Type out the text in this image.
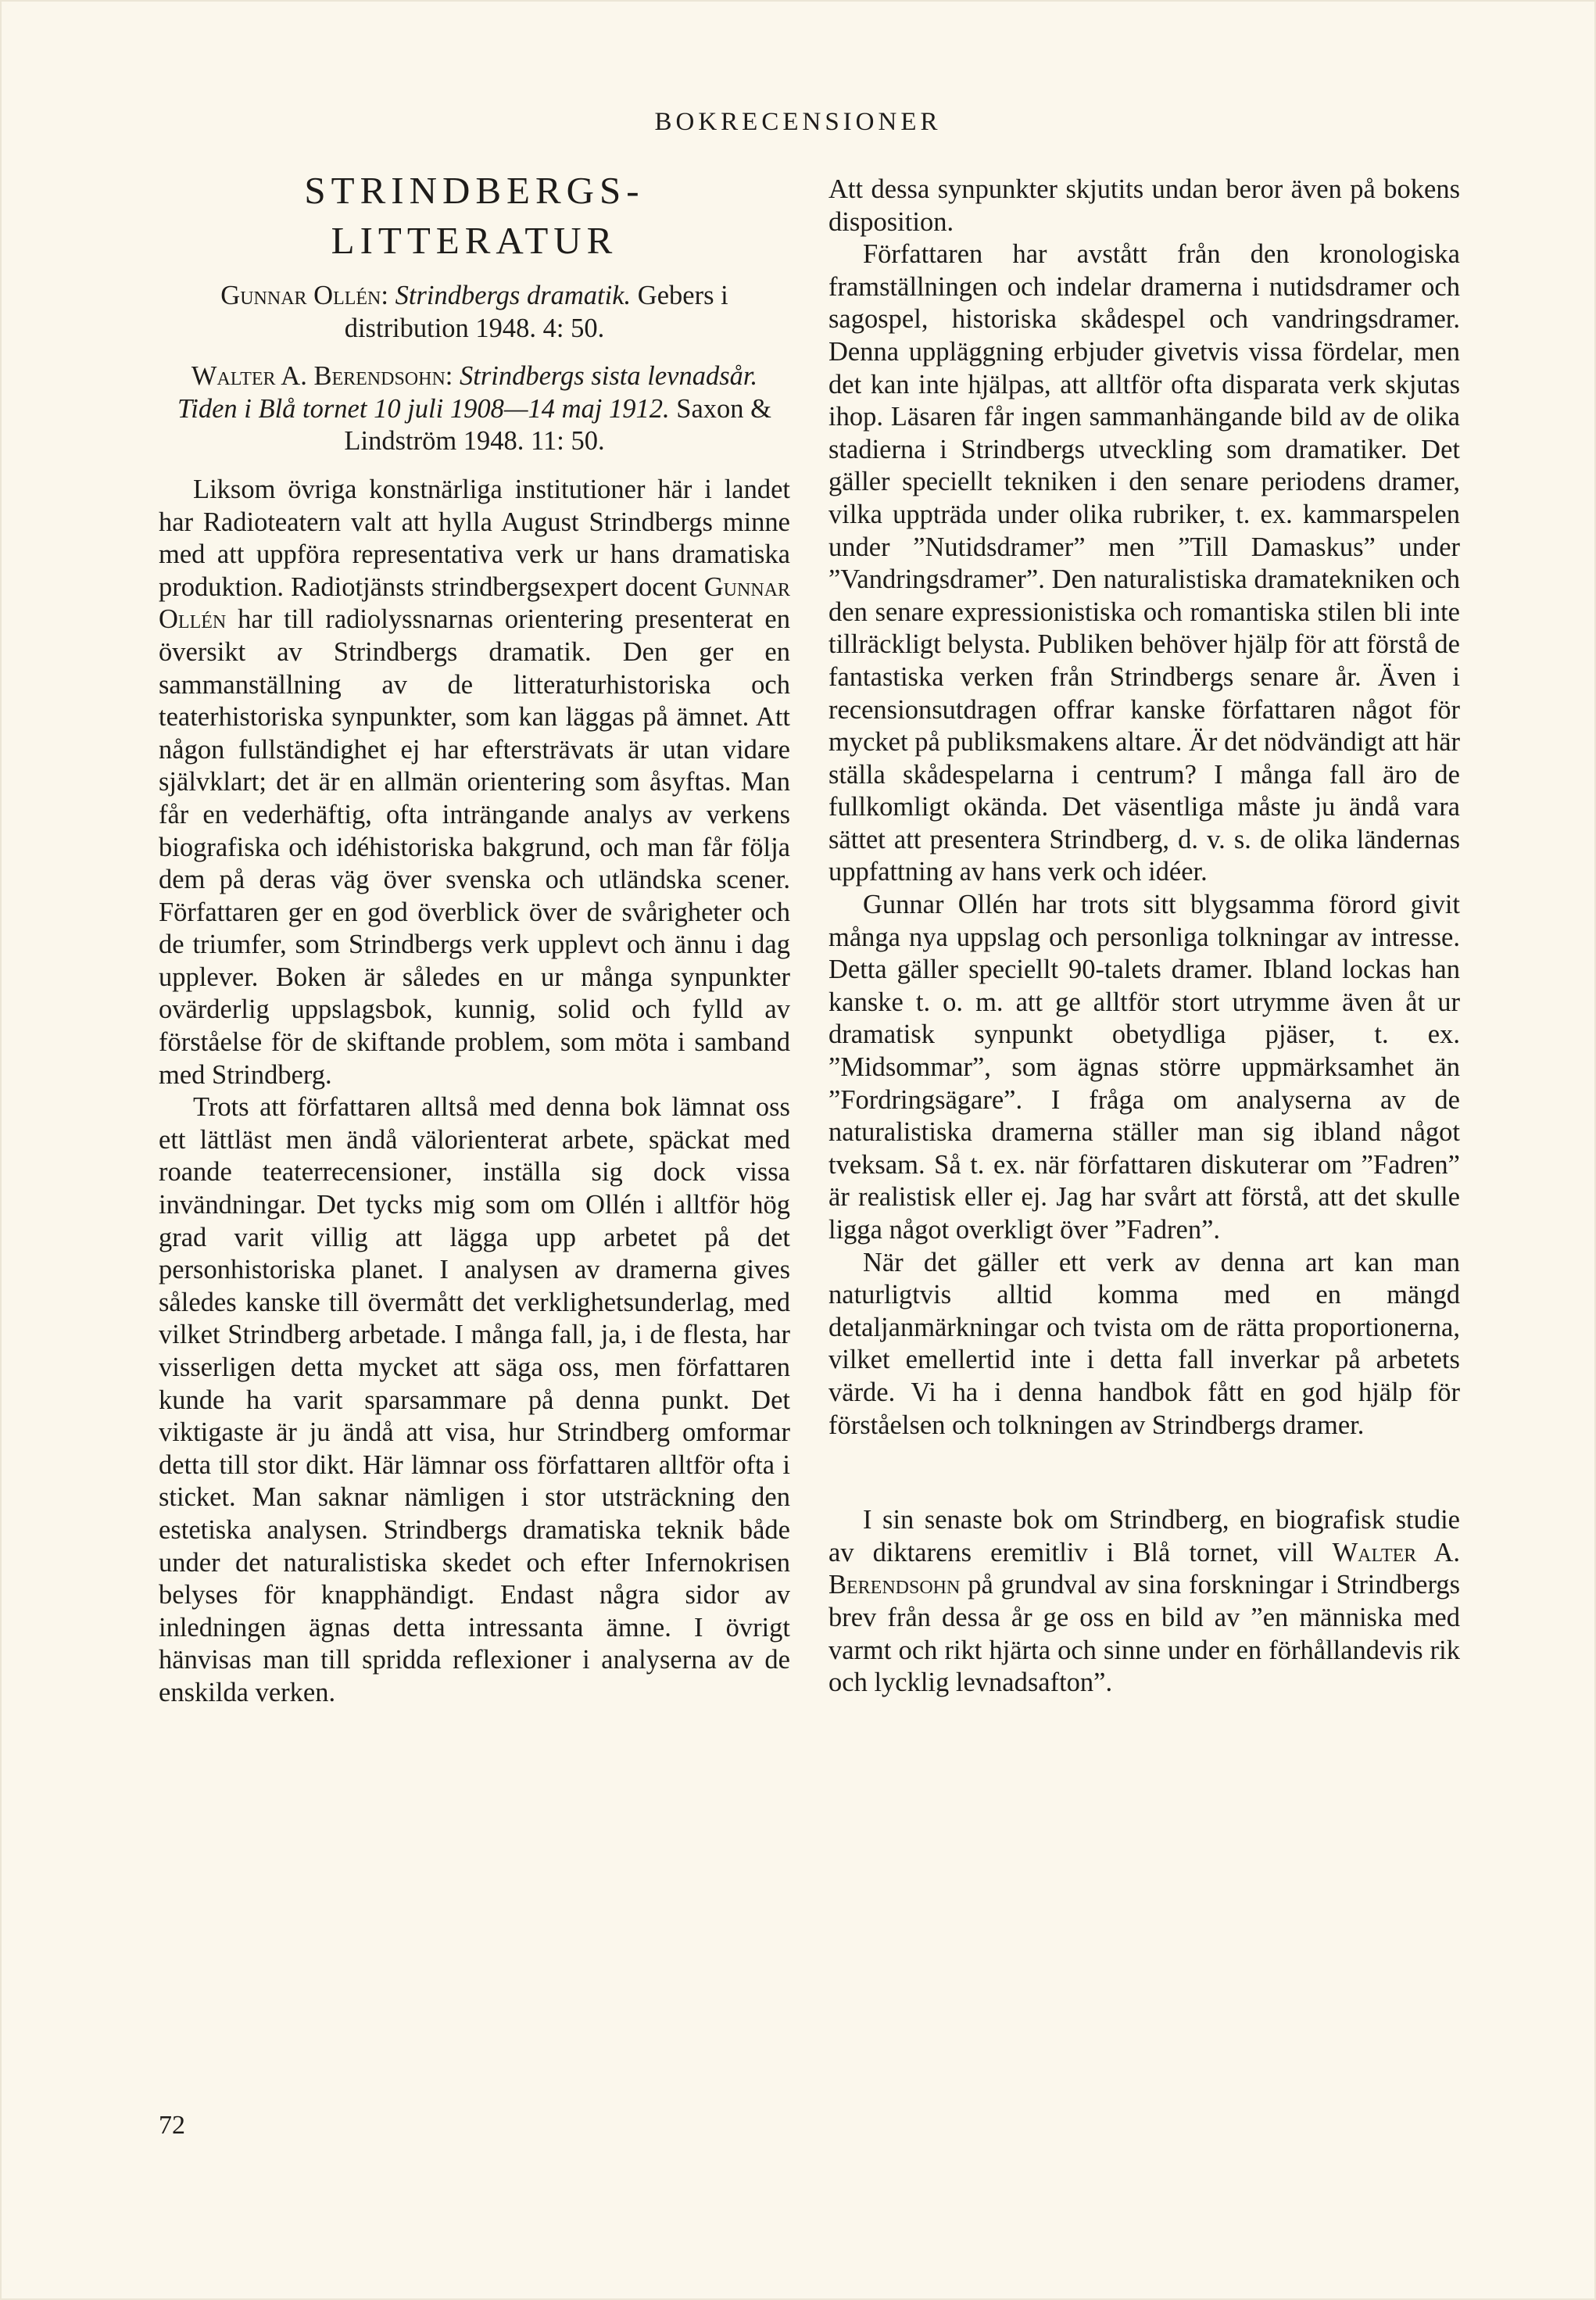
BOKRECENSIONER
STRINDBERGS-
LITTERATUR
Gunnar Ollén: Strindbergs dramatik. Gebers i distribution 1948. 4: 50.
Walter A. Berendsohn: Strindbergs sista levnadsår. Tiden i Blå tornet 10 juli 1908—14 maj 1912. Saxon & Lindström 1948. 11: 50.

Liksom övriga konstnärliga institutioner här i landet har Radioteatern valt att hylla August Strindbergs minne med att uppföra representativa verk ur hans dramatiska produktion. Radiotjänsts strindbergsexpert docent Gunnar Ollén har till radiolyssnarnas orientering presenterat en översikt av Strindbergs dramatik. Den ger en sammanställning av de litteraturhistoriska och teaterhistoriska synpunkter, som kan läggas på ämnet. Att någon fullständighet ej har eftersträvats är utan vidare självklart; det är en allmän orientering som åsyftas. Man får en vederhäftig, ofta inträngande analys av verkens biografiska och idéhistoriska bakgrund, och man får följa dem på deras väg över svenska och utländska scener. Författaren ger en god överblick över de svårigheter och de triumfer, som Strindbergs verk upplevt och ännu i dag upplever. Boken är således en ur många synpunkter ovärderlig uppslagsbok, kunnig, solid och fylld av förståelse för de skiftande problem, som möta i samband med Strindberg.

Trots att författaren alltså med denna bok lämnat oss ett lättläst men ändå välorienterat arbete, späckat med roande teaterrecensioner, inställa sig dock vissa invändningar. Det tycks mig som om Ollén i alltför hög grad varit villig att lägga upp arbetet på det personhistoriska planet. I analysen av dramerna gives således kanske till övermått det verklighetsunderlag, med vilket Strindberg arbetade. I många fall, ja, i de flesta, har visserligen detta mycket att säga oss, men författaren kunde ha varit sparsammare på denna punkt. Det viktigaste är ju ändå att visa, hur Strindberg omformar detta till stor dikt. Här lämnar oss författaren alltför ofta i sticket. Man saknar nämligen i stor utsträckning den estetiska analysen. Strindbergs dramatiska teknik både under det naturalistiska skedet och efter Infernokrisen belyses för knapphändigt. Endast några sidor av inledningen ägnas detta intressanta ämne. I övrigt hänvisas man till spridda reflexioner i analyserna av de enskilda verken.

Att dessa synpunkter skjutits undan beror även på bokens disposition.

Författaren har avstått från den kronologiska framställningen och indelar dramerna i nutidsdramer och sagospel, historiska skådespel och vandringsdramer. Denna uppläggning erbjuder givetvis vissa fördelar, men det kan inte hjälpas, att alltför ofta disparata verk skjutas ihop. Läsaren får ingen sammanhängande bild av de olika stadierna i Strindbergs utveckling som dramatiker. Det gäller speciellt tekniken i den senare periodens dramer, vilka uppträda under olika rubriker, t. ex. kammarspelen under ”Nutidsdramer” men ”Till Damaskus” under ”Vandringsdramer”. Den naturalistiska dramatekniken och den senare expressionistiska och romantiska stilen bli inte tillräckligt belysta. Publiken behöver hjälp för att förstå de fantastiska verken från Strindbergs senare år. Även i recensionsutdragen offrar kanske författaren något för mycket på publiksmakens altare. Är det nödvändigt att här ställa skådespelarna i centrum? I många fall äro de fullkomligt okända. Det väsentliga måste ju ändå vara sättet att presentera Strindberg, d. v. s. de olika ländernas uppfattning av hans verk och idéer.

Gunnar Ollén har trots sitt blygsamma förord givit många nya uppslag och personliga tolkningar av intresse. Detta gäller speciellt 90-talets dramer. Ibland lockas han kanske t. o. m. att ge alltför stort utrymme även åt ur dramatisk synpunkt obetydliga pjäser, t. ex. ”Midsommar”, som ägnas större uppmärksamhet än ”Fordringsägare”. I fråga om analyserna av de naturalistiska dramerna ställer man sig ibland något tveksam. Så t. ex. när författaren diskuterar om ”Fadren” är realistisk eller ej. Jag har svårt att förstå, att det skulle ligga något overkligt över ”Fadren”.

När det gäller ett verk av denna art kan man naturligtvis alltid komma med en mängd detaljanmärkningar och tvista om de rätta proportionerna, vilket emellertid inte i detta fall inverkar på arbetets värde. Vi ha i denna handbok fått en god hjälp för förståelsen och tolkningen av Strindbergs dramer.

I sin senaste bok om Strindberg, en biografisk studie av diktarens eremitliv i Blå tornet, vill Walter A. Berendsohn på grundval av sina forskningar i Strindbergs brev från dessa år ge oss en bild av ”en människa med varmt och rikt hjärta och sinne under en förhållandevis rik och lycklig levnadsafton”.

72
